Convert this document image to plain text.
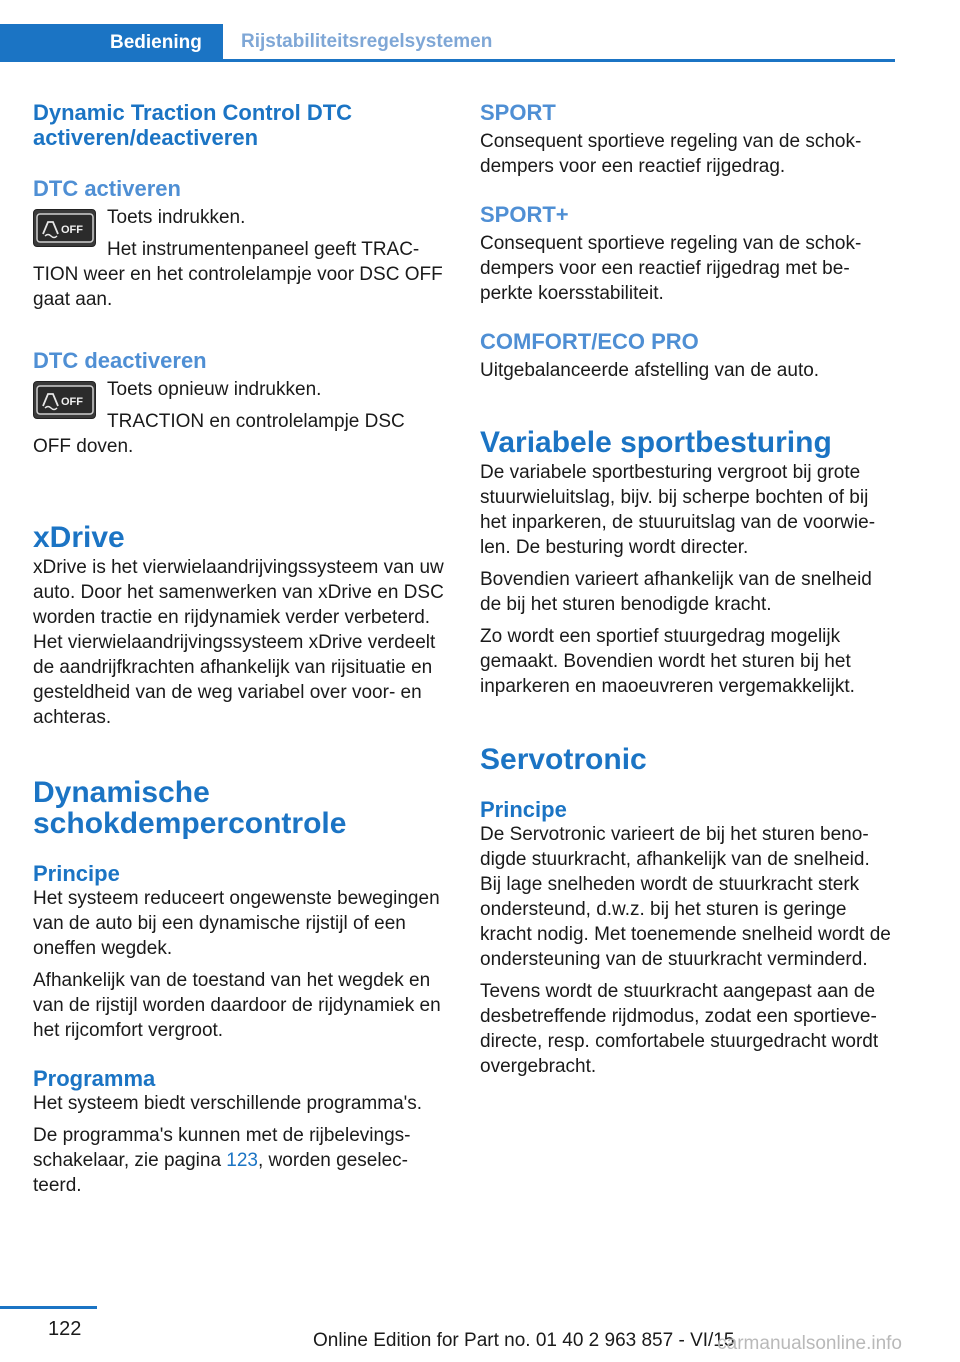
Bediening Rijstabiliteitsregelsystemen
Dynamic Traction Control DTC activeren/deactiveren
DTC activeren
OFF
Toets indrukken.
Het instrumentenpaneel geeft TRAC-
TION weer en het controlelampje voor DSC OFF gaat aan.
DTC deactiveren
OFF
Toets opnieuw indrukken.
TRACTION en controlelampje DSC
OFF doven.
xDrive
xDrive is het vierwielaandrijvingssysteem van uw auto. Door het samenwerken van xDrive en DSC worden tractie en rijdynamiek verder verbeterd. Het vierwielaandrijvingssysteem xDrive verdeelt de aandrijfkrachten afhankelijk van rijsituatie en gesteldheid van de weg variabel over voor- en achteras.
Dynamische schokdempercontrole
Principe
Het systeem reduceert ongewenste bewegingen van de auto bij een dynamische rijstijl of een oneffen wegdek.
Afhankelijk van de toestand van het wegdek en van de rijstijl worden daardoor de rijdynamiek en het rijcomfort vergroot.
Programma
Het systeem biedt verschillende programma's.
De programma's kunnen met de rijbelevingsschakelaar, zie pagina 123, worden geselecteerd.
SPORT
Consequent sportieve regeling van de schokdempers voor een reactief rijgedrag.
SPORT+
Consequent sportieve regeling van de schokdempers voor een reactief rijgedrag met beperkte koersstabiliteit.
COMFORT/ECO PRO
Uitgebalanceerde afstelling van de auto.
Variabele sportbesturing
De variabele sportbesturing vergroot bij grote stuurwieluitslag, bijv. bij scherpe bochten of bij het inparkeren, de stuuruitslag van de voorwielen. De besturing wordt directer.
Bovendien varieert afhankelijk van de snelheid de bij het sturen benodigde kracht.
Zo wordt een sportief stuurgedrag mogelijk gemaakt. Bovendien wordt het sturen bij het inparkeren en maoeuvreren vergemakkelijkt.
Servotronic
Principe
De Servotronic varieert de bij het sturen benodigde stuurkracht, afhankelijk van de snelheid. Bij lage snelheden wordt de stuurkracht sterk ondersteund, d.w.z. bij het sturen is geringe kracht nodig. Met toenemende snelheid wordt de ondersteuning van de stuurkracht verminderd.
Tevens wordt de stuurkracht aangepast aan de desbetreffende rijdmodus, zodat een sportieve-directe, resp. comfortabele stuurgedracht wordt overgebracht.
122
Online Edition for Part no. 01 40 2 963 857 - VI/15
carmanualsonline.info
